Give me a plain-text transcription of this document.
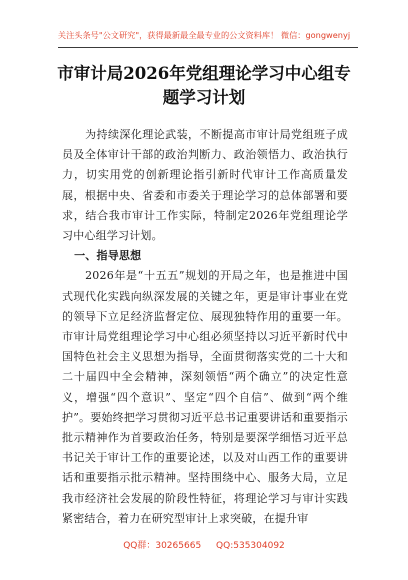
关注头条号"公文研究"，获得最新最全最专业的公文资料库！ 微信：gongwenyj
市审计局2026年党组理论学习中心组专
题学习计划

为持续深化理论武装，不断提高市审计局党组班子成员及全体审计干部的政治判断力、政治领悟力、政治执行力，切实用党的创新理论指引新时代审计工作高质量发展，根据中央、省委和市委关于理论学习的总体部署和要求，结合我市审计工作实际，特制定2026年党组理论学习中心组学习计划。

一、指导思想

2026年是“十五五”规划的开局之年，也是推进中国式现代化实践向纵深发展的关键之年，更是审计事业在党的领导下立足经济监督定位、展现独特作用的重要一年。市审计局党组理论学习中心组必须坚持以习近平新时代中国特色社会主义思想为指导，全面贯彻落实党的二十大和二十届四中全会精神，深刻领悟“两个确立”的决定性意义，增强“四个意识”、坚定“四个自信”、做到“两个维护”。要始终把学习贯彻习近平总书记重要讲话和重要指示批示精神作为首要政治任务，特别是要深学细悟习近平总书记关于审计工作的重要论述，以及对山西工作的重要讲话和重要指示批示精神。坚持围绕中心、服务大局，立足我市经济社会发展的阶段性特征，将理论学习与审计实践紧密结合，着力在研究型审计上求突破，在提升审

QQ群：30265665 QQ:535304092
